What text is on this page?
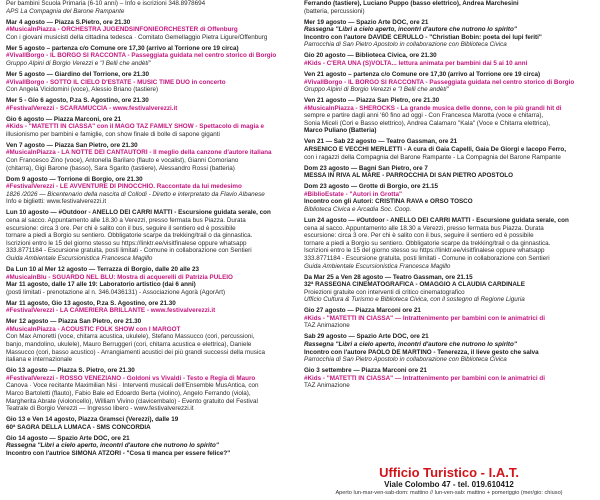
Per bambini Scuola Primaria (6-10 anni) – Info e iscrizioni 348.8978694
APS La Compagnia del Barone Rampante
Mar 4 agosto — Piazza S.Pietro, ore 21.30
#MusicaInPiazza - ORCHESTRA JUGENDSINFONIEORCHESTER di Offenburg
Con i giovani musicisti della cittadina tedesca · Comitato Gemellaggio Pietra Ligure/Offenburg
Mer 5 agosto – partenza c/o Comune ore 17,30 (arrivo al Torrione ore 19 circa)
#VivaIlBorgo - IL BORGO SI RACCONTA - Passeggiata guidata nel centro storico di Borgio
Gruppo Alpini di Borgio Verezzi e "I Belli che andèti"
Mer 5 agosto — Giardino del Torrione, ore 21.30
#VivaIlBorgo - SOTTO IL CIELO D'ESTATE - MUSIC TIME DUO in concerto
Con Angela Vicidomini (voce), Alessio Briano (tastiere)
Mer 5 - Gio 6 agosto, P.za S. Agostino, ore 21.30
#FestivalVerezzi - SCARAMUCCIA - www.festivalverezzi.it
Gio 6 agosto — Piazza Marconi, ore 21
#Kids - "MATETTI IN CIASSA" con il MAGO TAZ FAMILY SHOW - Spettacolo di magia e
illusionismo per bambini e famiglie, con show finale di bolle di sapone giganti
Ven 7 agosto — Piazza San Pietro, ore 21.30
#MusicaInPiazza - LA NOTTE DEI CANTAUTORI - Il meglio della canzone d'autore italiana
Con Francesco Zino (voce), Antonella Barilaro (flauto e vocalist), Gianni Comoriano
(chitarra), Gigi Barone (basso), Sara Sgarito (tastiere), Alessandro Rossi (batteria)
Dom 9 agosto — Torrione di Borgio, ore 21.30
#FestivalVerezzi - LE AVVENTURE DI PINOCCHIO. Raccontate da lui medesimo
1826 /2026 — Bicentenario della nascita di Collodi - Diretto e interpretato da Flavio Albanese
Info e biglietti: www.festivalverezzi.it
Lun 10 agosto — #Outdoor - ANELLO DEI CARRI MATTI - Escursione guidata serale, con
cena al sacco. Appuntamento alle 18.30 a Verezzi, presso fermata bus Piazza. Durata
escursione: circa 3 ore. Per chi è salito con il bus, seguire il sentiero ed è possibile
tornare a piedi a Borgio su sentiero. Obbligatorie scarpe da trekking/trail o da ginnastica.
Iscrizioni entro le 15 del giorno stesso su https://linktr.ee/visitfinalese oppure whatsapp
333.8771184 - Escursione gratuita, posti limitati - Comune in collaborazione con Sentieri
Guida Ambientale Escursionistica Francesca Magillo
Da Lun 10 al Mer 12 agosto — Terrazza di Borgio, dalle 20 alle 23
#MusicaInBlu - SGUARDO NEL BLU: Mostra di acquerelli di Patrizia PULEIO
Mar 11 agosto, dalle 17 alle 19: Laboratorio artistico (dai 6 anni)
(posti limitati - prenotazione al n. 346.0436131) - Associazione Agorà (AgorArt)
Mar 11 agosto, Gio 13 agosto, P.za S. Agostino, ore 21.30
#FestivalVerezzi - LA CAMERIERA BRILLANTE - www.festivalverezzi.it
Mer 12 agosto — Piazza San Pietro, ore 21.30
#MusicaInPiazza - ACOUSTIC FOLK SHOW con I MARGOT
Con Max Amoretti (voce, chitarra acustica, ukulele), Stefano Massucco (cori, percussioni,
banjo, mandolino, ukulele), Mauro Berruggeri (cori, chitarra acustica e elettrica), Daniele
Massucco (cori, basso acustico) - Arrangiamenti acustici dei più grandi successi della musica
italiana e internazionale
Gio 13 agosto — Piazza S. Pietro, ore 21.30
#FestivalVerezzi - ROSSO VENEZIANO - Goldoni vs Vivaldi - Testo e Regia di Mauro
Canova · Voce recitante Maximilian Nisi · Interventi musicali dell'Ensemble MusAntica, con
Marco Bartoletti (flauto), Fabio Bale ed Edoardo Berta (violino), Angelo Ferrando (viola),
Margherita Abrate (violoncello), William Vivino (clavicembalo) - Evento gratuito del Festival
Teatrale di Borgio Verezzi — Ingresso libero - www.festivalverezzi.it
Gio 13 e Ven 14 agosto, Piazza Gramsci (Verezzi), dalle 19
60ª SAGRA DELLA LUMACA - SMS CONCORDIA
Gio 14 agosto — Spazio Arte DOC, ore 21
Rassegna "Libri a cielo aperto, incontri d'autore che nutrono lo spirito"
Incontro con l'autrice SIMONA ATZORI - "Cosa ti manca per essere felice?"
Ferrando (tastiere), Luciano Puppo (basso elettrico), Andrea Marchesini
(batteria, percussioni)
Mer 19 agosto — Spazio Arte DOC, ore 21
Rassegna "Libri a cielo aperto, incontri d'autore che nutrono lo spirito"
Incontro con l'autore DAVIDE CERULLO - "Christian Bobin: poeta dei lupi feriti"
Parrocchia di San Pietro Apostolo in collaborazione con Biblioteca Civica
Gio 20 agosto — Biblioteca Civica, ore 21.30
#Kids - C'ERA UNA (S)VOLTA... lettura animata per bambini dai 5 ai 10 anni
Ven 21 agosto – partenza c/o Comune ore 17,30 (arrivo al Torrione ore 19 circa)
#VivaIlBorgo - IL BORGO SI RACCONTA - Passeggiata guidata nel centro storico di Borgio
Gruppo Alpini di Borgio Verezzi e "I Belli che andèti"
Ven 21 agosto — Piazza San Pietro, ore 21.30
#MusicaInPiazza - SHEROCKS - La grande musica delle donne, con le più grandi hit di
sempre e partire dagli anni '60 fino ad oggi - Con Francesca Marotta (voce e chitarra),
Sonia Miceli (Cori e Basso elettrico), Andrea Calamaro "Kala" (Voce e Chitarra elettrica),
Marco Puliano (Batteria)
Ven 21 — Sab 22 agosto — Teatro Gassman, ore 21
ARSENICO E VECCHI MERLETTI - A cura di Gaia Capelli, Gaia De Giorgi e Iacopo Ferro,
con i ragazzi della Compagnia del Barone Rampante - La Compagnia del Barone Rampante
Dom 23 agosto — Bagni San Pietro, ore 7
MESSA IN RIVA AL MARE - PARROCCHIA DI SAN PIETRO APOSTOLO
Dom 23 agosto — Grotte di Borgio, ore 21.15
#BiblioEstate - "Autori in Grotta"
Incontro con gli Autori: CRISTINA RAVA e ORSO TOSCO
Biblioteca Civica e Arcadia Soc. Coop.
Lun 24 agosto — #Outdoor - ANELLO DEI CARRI MATTI - Escursione guidata serale, con
cena al sacco. Appuntamento alle 18.30 a Verezzi, presso fermata bus Piazza. Durata
escursione: circa 3 ore. Per chi è salito con il bus, seguire il sentiero ed è possibile
tornare a piedi a Borgio su sentiero. Obbligatorie scarpe da trekking/trail o da ginnastica.
Iscrizioni entro le 15 del giorno stesso su https://linktr.ee/visitfinalese oppure whatsapp
333.8771184 - Escursione gratuita, posti limitati - Comune in collaborazione con Sentieri
Guida Ambientale Escursionistica Francesca Magillo
Da Mar 25 a Ven 28 agosto — Teatro Gassman, ore 21.15
32ª RASSEGNA CINEMATOGRAFICA - OMAGGIO A CLAUDIA CARDINALE
Proiezioni gratuite con interventi di critico cinematografico
Ufficio Cultura & Turismo e Biblioteca Civica, con il sostegno di Regione Liguria
Gio 27 agosto — Piazza Marconi ore 21
#Kids - "MATETTI IN CIASSA" — Intrattenimento per bambini con le animatrici di
TAZ Animazione
Sab 29 agosto — Spazio Arte DOC, ore 21
Rassegna "Libri a cielo aperto, incontri d'autore che nutrono lo spirito"
Incontro con l'autore PAOLO DE MARTINO - Tenerezza, il lieve gesto che salva
Parrocchia di San Pietro Apostolo in collaborazione con Biblioteca Civica
Gio 3 settembre — Piazza Marconi ore 21
#Kids - "MATETTI IN CIASSA" — Intrattenimento per bambini con le animatrici di
TAZ Animazione
Ufficio Turistico - I.A.T.
Viale Colombo 47 - tel. 019.610412
Aperto lun-mar-ven-sab-dom: mattino // lun-ven-sab: mattino + pomeriggio (mer/gio: chiuso)
